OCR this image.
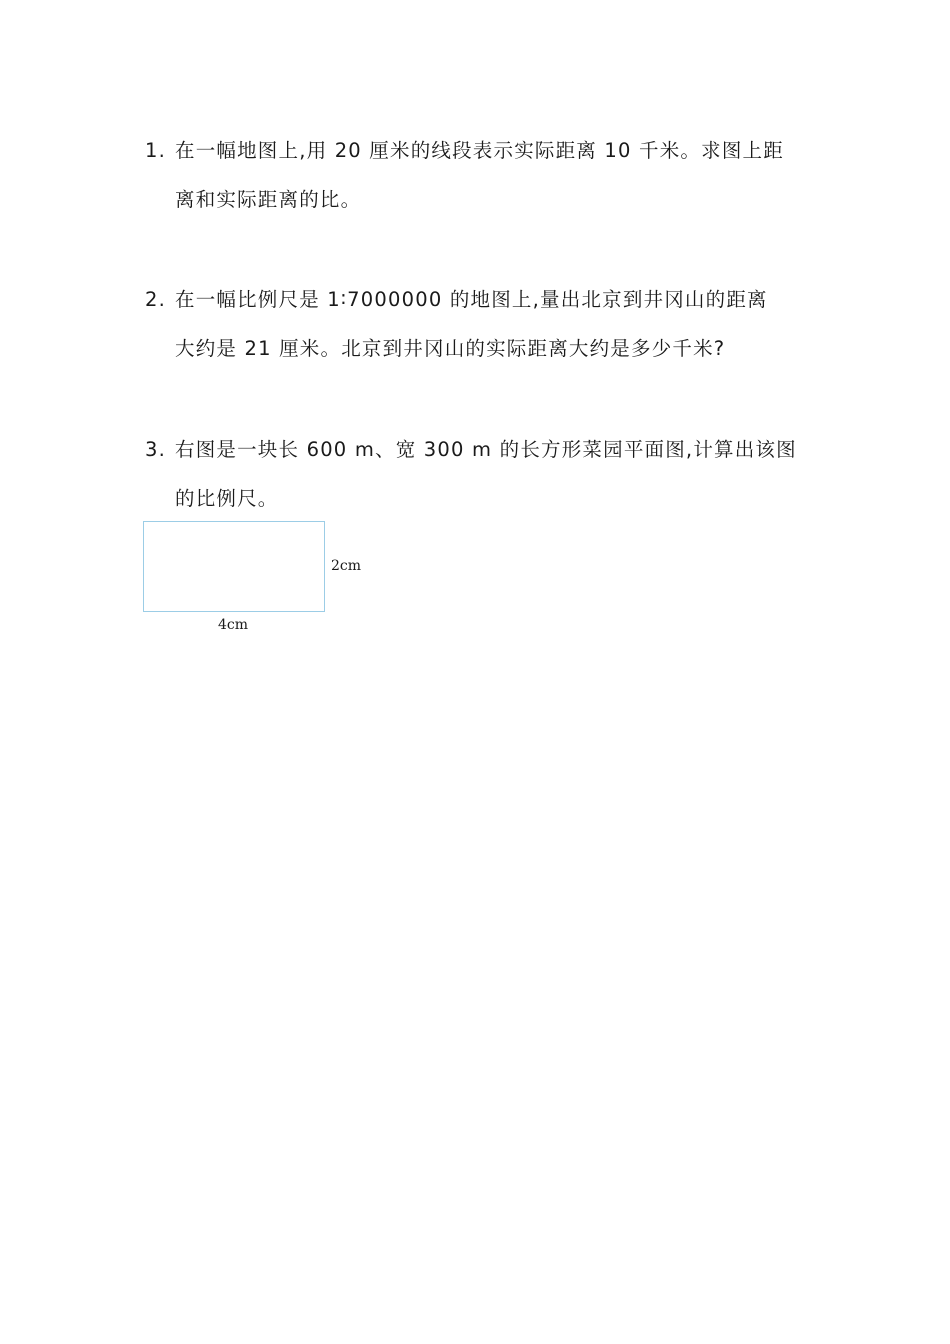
1. 在一幅地图上,用 20 厘米的线段表示实际距离 10 千米。求图上距
离和实际距离的比。
2. 在一幅比例尺是 1∶7000000 的地图上,量出北京到井冈山的距离
大约是 21 厘米。北京到井冈山的实际距离大约是多少千米?
3. 右图是一块长 600 m、宽 300 m 的长方形菜园平面图,计算出该图
的比例尺。
2cm
4cm
